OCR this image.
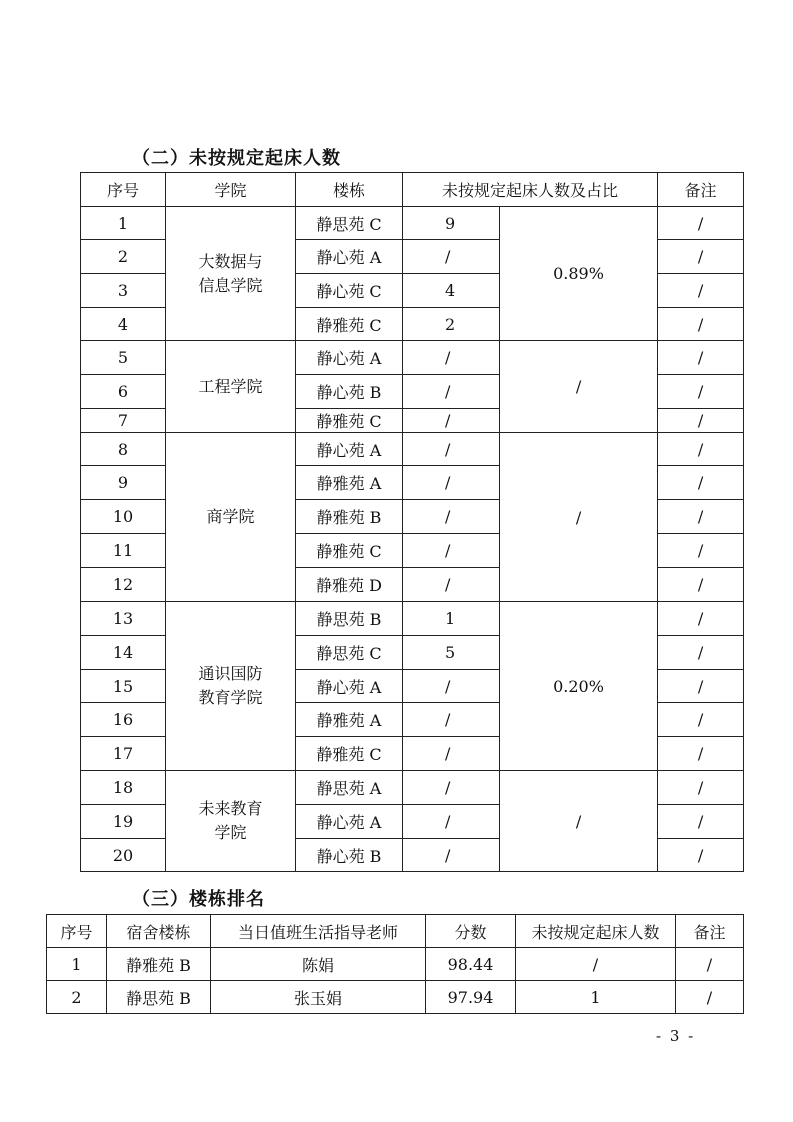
（二）未按规定起床人数
序号	学院	楼栋	未按规定起床人数及占比		备注
1	大数据与信息学院	静思苑 C	9	0.89%	/
2		静心苑 A	/		/
3		静心苑 C	4		/
4		静雅苑 C	2		/
5	工程学院	静心苑 A	/	/	/
6		静心苑 B	/		/
7		静雅苑 C	/		/
8	商学院	静心苑 A	/	/	/
9		静雅苑 A	/		/
10		静雅苑 B	/		/
11		静雅苑 C	/		/
12		静雅苑 D	/		/
13	通识国防教育学院	静思苑 B	1	0.20%	/
14		静思苑 C	5		/
15		静心苑 A	/		/
16		静雅苑 A	/		/
17		静雅苑 C	/		/
18	未来教育学院	静思苑 A	/	/	/
19		静心苑 A	/		/
20		静心苑 B	/		/
（三）楼栋排名
序号	宿舍楼栋	当日值班生活指导老师	分数	未按规定起床人数	备注
1	静雅苑 B	陈娟	98.44	/	/
2	静思苑 B	张玉娟	97.94	1	/
- 3 -
